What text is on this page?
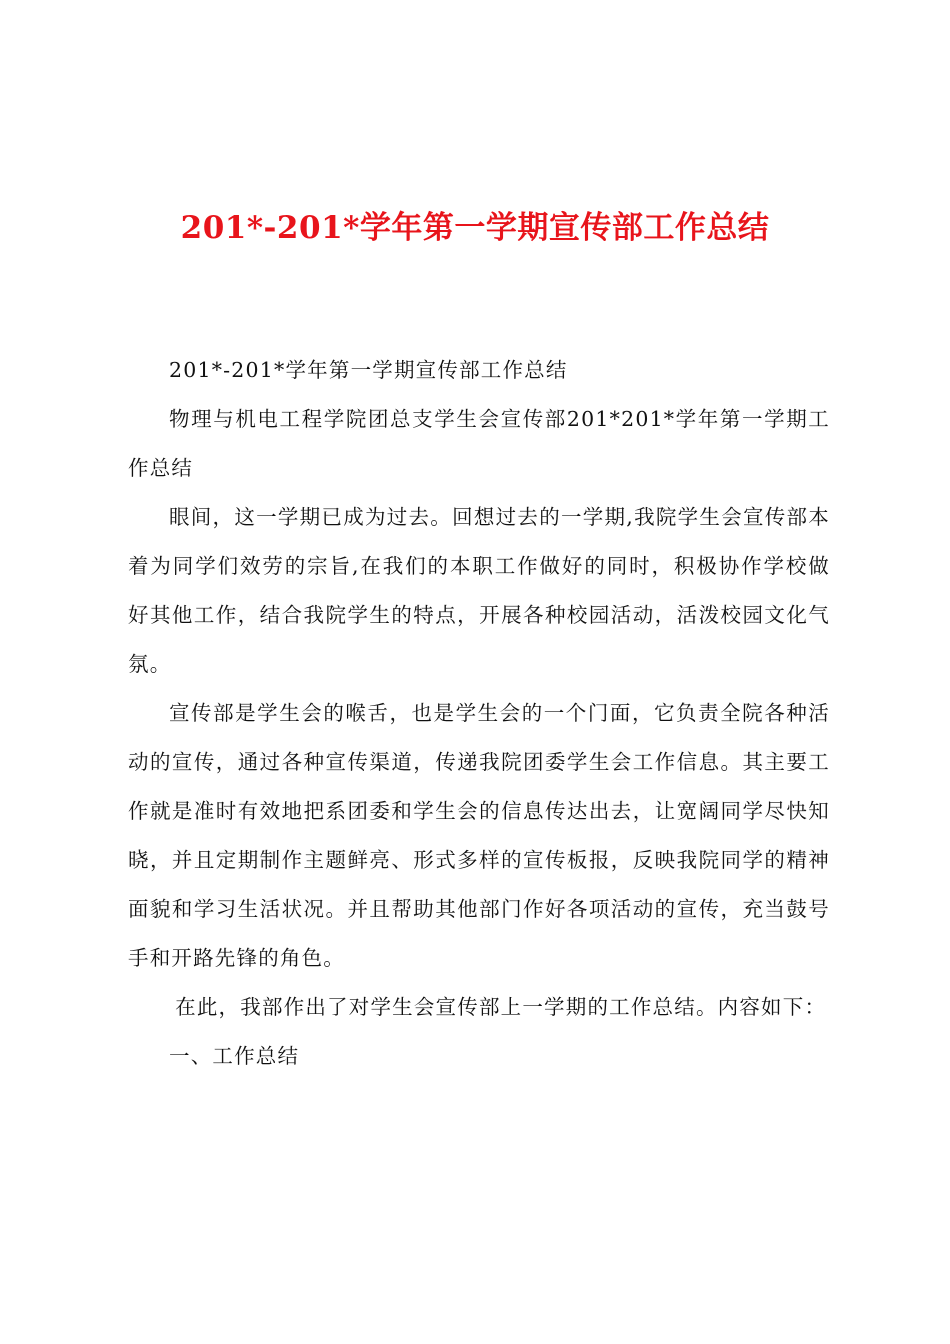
201*-201*学年第一学期宣传部工作总结

201*-201*学年第一学期宣传部工作总结

物理与机电工程学院团总支学生会宣传部201*201*学年第一学期工作总结

眼间，这一学期已成为过去。回想过去的一学期,我院学生会宣传部本着为同学们效劳的宗旨,在我们的本职工作做好的同时，积极协作学校做好其他工作，结合我院学生的特点，开展各种校园活动，活泼校园文化气氛。

宣传部是学生会的喉舌，也是学生会的一个门面，它负责全院各种活动的宣传，通过各种宣传渠道，传递我院团委学生会工作信息。其主要工作就是准时有效地把系团委和学生会的信息传达出去，让宽阔同学尽快知晓，并且定期制作主题鲜亮、形式多样的宣传板报，反映我院同学的精神面貌和学习生活状况。并且帮助其他部门作好各项活动的宣传，充当鼓号手和开路先锋的角色。

在此，我部作出了对学生会宣传部上一学期的工作总结。内容如下：

一、工作总结
